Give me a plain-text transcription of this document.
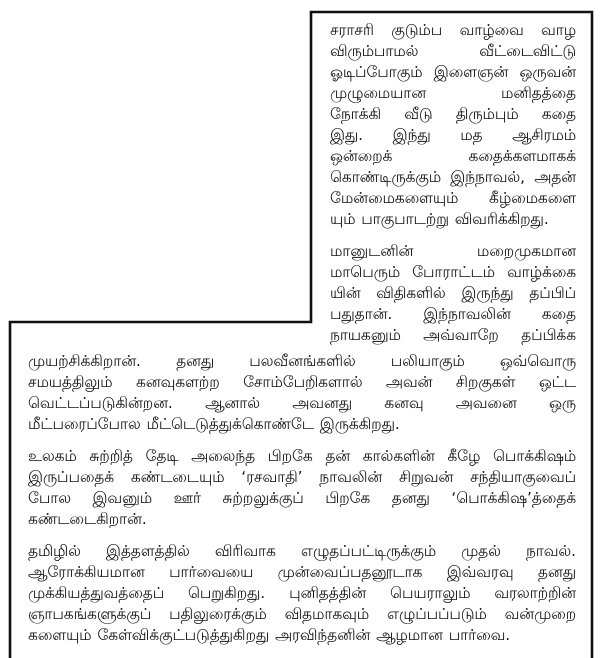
சராசரி குடும்ப வாழ்வை வாழ
விரும்பாமல் வீட்டைவிட்டு
ஓடிப்போகும் இளைஞன் ஒருவன்
முழுமையான மனிதத்தை
நோக்கி வீடு திரும்பும் கதை
இது. இந்து மத ஆசிரமம்
ஒன்றைக் கதைக்களமாகக்
கொண்டிருக்கும் இந்நாவல், அதன்
மேன்மைகளையும் கீழ்மைகளை
யும் பாகுபாடற்று விவரிக்கிறது.
மானுடனின் மறைமுகமான
மாபெரும் போராட்டம் வாழ்க்கை
யின் விதிகளில் இருந்து தப்பிப்
பதுதான். இந்நாவலின் கதை
நாயகனும் அவ்வாறே தப்பிக்க
முயற்சிக்கிறான். தனது பலவீனங்களில் பலியாகும் ஒவ்வொரு
சமயத்திலும் கனவுகளற்ற சோம்பேறிகளால் அவன் சிறகுகள் ஒட்ட
வெட்டப்படுகின்றன. ஆனால் அவனது கனவு அவனை ஒரு
மீட்பரைப்போல மீட்டெடுத்துக்கொண்டே இருக்கிறது.
உலகம் சுற்றித் தேடி அலைந்த பிறகே தன் கால்களின் கீழே பொக்கிஷம்
இருப்பதைக் கண்டடையும் ‘ரசவாதி’ நாவலின் சிறுவன் சந்தியாகுவைப்
போல இவனும் ஊர் சுற்றலுக்குப் பிறகே தனது ‘பொக்கிஷ’த்தைக்
கண்டடைகிறான்.
தமிழில் இத்தளத்தில் விரிவாக எழுதப்பட்டிருக்கும் முதல் நாவல்.
ஆரோக்கியமான பார்வையை முன்வைப்பதனூடாக இவ்வரவு தனது
முக்கியத்துவத்தைப் பெறுகிறது. புனிதத்தின் பெயராலும் வரலாற்றின்
ஞாபகங்களுக்குப் பதிலுரைக்கும் விதமாகவும் எழுப்பப்படும் வன்முறை
களையும் கேள்விக்குட்படுத்துகிறது அரவிந்தனின் ஆழமான பார்வை.
